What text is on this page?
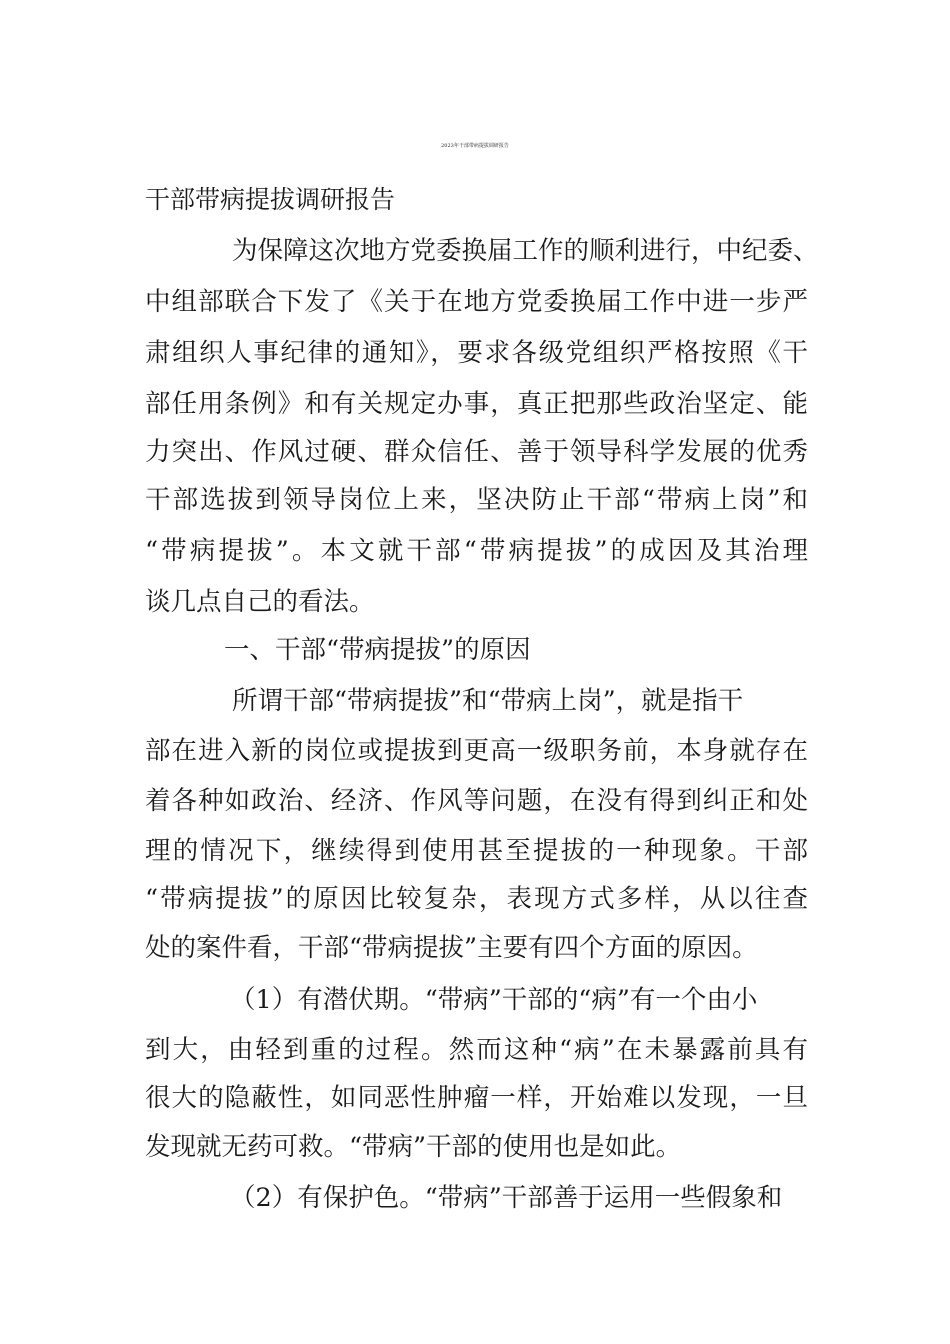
2023年干部带病提拔调研报告
干部带病提拔调研报告
为保障这次地方党委换届工作的顺利进行，中纪委、
中组部联合下发了《关于在地方党委换届工作中进一步严
肃组织人事纪律的通知》，要求各级党组织严格按照《干
部任用条例》和有关规定办事，真正把那些政治坚定、能
力突出、作风过硬、群众信任、善于领导科学发展的优秀
干部选拔到领导岗位上来，坚决防止干部“带病上岗”和
“带病提拔”。本文就干部“带病提拔”的成因及其治理
谈几点自己的看法。
一、干部“带病提拔”的原因
所谓干部“带病提拔”和“带病上岗”，就是指干
部在进入新的岗位或提拔到更高一级职务前，本身就存在
着各种如政治、经济、作风等问题，在没有得到纠正和处
理的情况下，继续得到使用甚至提拔的一种现象。干部
“带病提拔”的原因比较复杂，表现方式多样，从以往查
处的案件看，干部“带病提拔”主要有四个方面的原因。
（1）有潜伏期。“带病”干部的“病”有一个由小
到大，由轻到重的过程。然而这种“病”在未暴露前具有
很大的隐蔽性，如同恶性肿瘤一样，开始难以发现，一旦
发现就无药可救。“带病”干部的使用也是如此。
（2）有保护色。“带病”干部善于运用一些假象和
